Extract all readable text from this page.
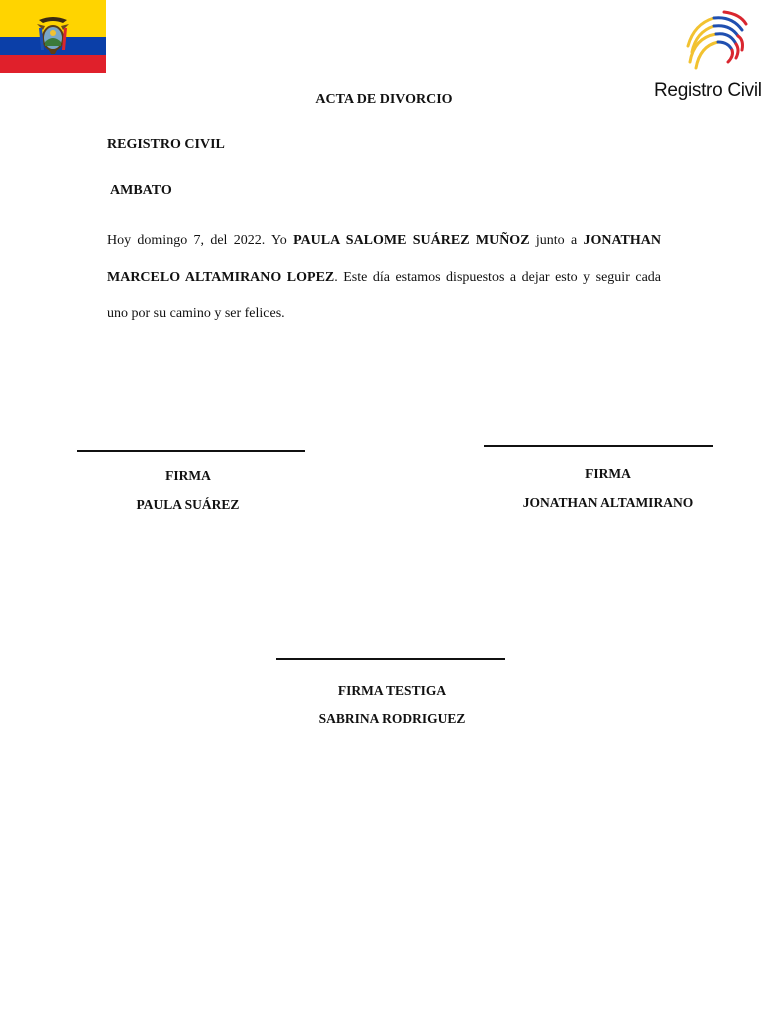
Registro Civil
ACTA DE DIVORCIO
REGISTRO CIVIL
AMBATO
Hoy domingo 7, del 2022. Yo PAULA SALOME SUÁREZ MUÑOZ junto a JONATHAN MARCELO ALTAMIRANO LOPEZ. Este día estamos dispuestos a dejar esto y seguir cada uno por su camino y ser felices.
FIRMA
PAULA SUÁREZ
FIRMA
JONATHAN ALTAMIRANO
FIRMA TESTIGA
SABRINA RODRIGUEZ
